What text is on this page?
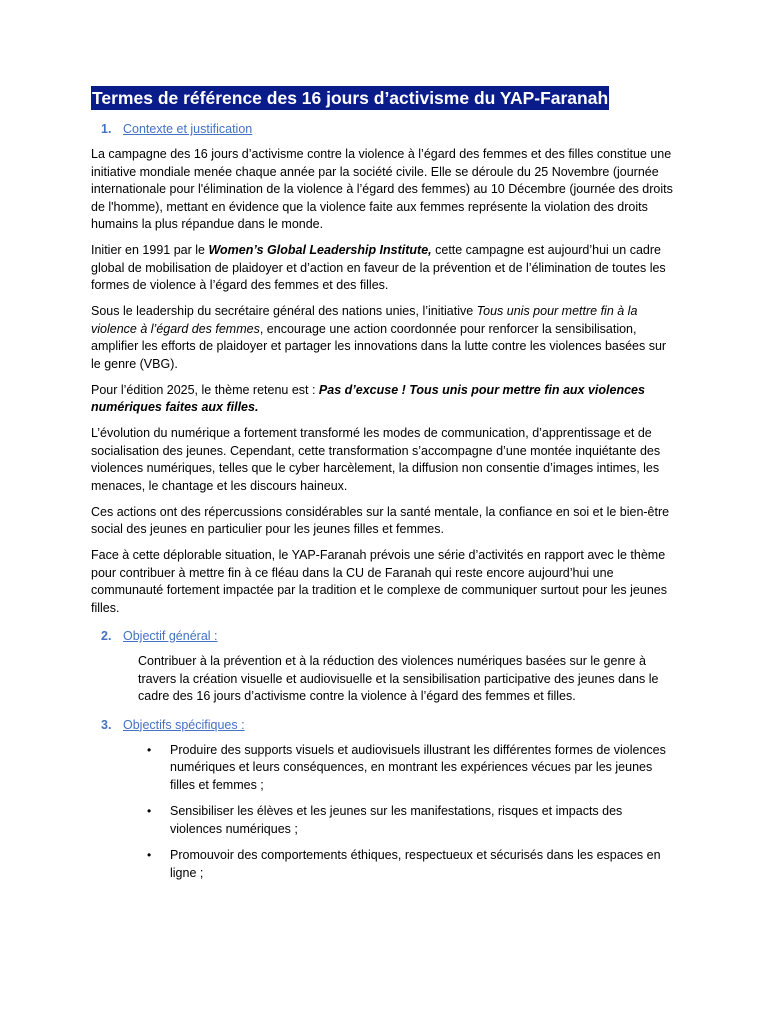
Termes de référence des 16 jours d’activisme du YAP-Faranah
1. Contexte et justification

La campagne des 16 jours d’activisme contre la violence à l’égard des femmes et des filles constitue une initiative mondiale menée chaque année par la société civile. Elle se déroule du 25 Novembre (journée internationale pour l'élimination de la violence à l’égard des femmes) au 10 Décembre (journée des droits de l'homme), mettant en évidence que la violence faite aux femmes représente la violation des droits humains la plus répandue dans le monde.

Initier en 1991 par le Women’s Global Leadership Institute, cette campagne est aujourd’hui un cadre global de mobilisation de plaidoyer et d’action en faveur de la prévention et de l’élimination de toutes les formes de violence à l’égard des femmes et des filles.

Sous le leadership du secrétaire général des nations unies, l’initiative Tous unis pour mettre fin à la violence à l’égard des femmes, encourage une action coordonnée pour renforcer la sensibilisation, amplifier les efforts de plaidoyer et partager les innovations dans la lutte contre les violences basées sur le genre (VBG).

Pour l’édition 2025, le thème retenu est : Pas d’excuse ! Tous unis pour mettre fin aux violences numériques faites aux filles.

L’évolution du numérique a fortement transformé les modes de communication, d’apprentissage et de socialisation des jeunes. Cependant, cette transformation s’accompagne d’une montée inquiétante des violences numériques, telles que le cyber harcèlement, la diffusion non consentie d’images intimes, les menaces, le chantage et les discours haineux.

Ces actions ont des répercussions considérables sur la santé mentale, la confiance en soi et le bien-être social des jeunes en particulier pour les jeunes filles et femmes.

Face à cette déplorable situation, le YAP-Faranah prévois une série d’activités en rapport avec le thème pour contribuer à mettre fin à ce fléau dans la CU de Faranah qui reste encore aujourd’hui une communauté fortement impactée par la tradition et le complexe de communiquer surtout pour les jeunes filles.

2. Objectif général :

Contribuer à la prévention et à la réduction des violences numériques basées sur le genre à travers la création visuelle et audiovisuelle et la sensibilisation participative des jeunes dans le cadre des 16 jours d’activisme contre la violence à l’égard des femmes et filles.

3. Objectifs spécifiques :
• Produire des supports visuels et audiovisuels illustrant les différentes formes de violences numériques et leurs conséquences, en montrant les expériences vécues par les jeunes filles et femmes ;
• Sensibiliser les élèves et les jeunes sur les manifestations, risques et impacts des violences numériques ;
• Promouvoir des comportements éthiques, respectueux et sécurisés dans les espaces en ligne ;
